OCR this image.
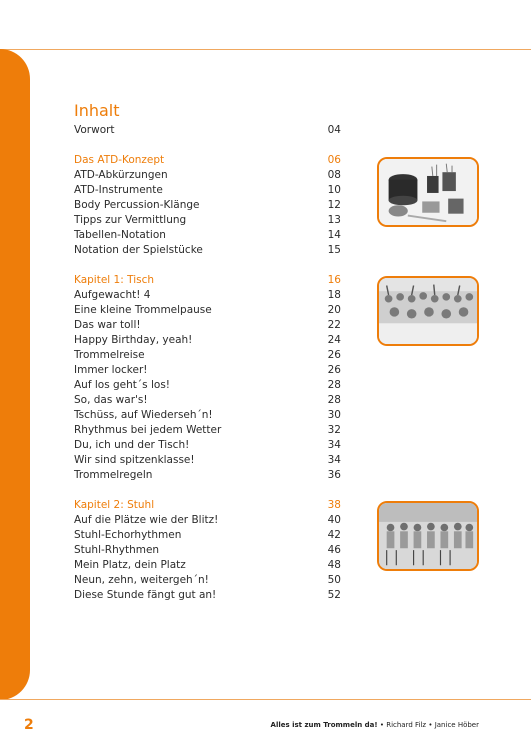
Inhalt
Vorwort	04
Das ATD-Konzept	06
ATD-Abkürzungen	08
ATD-Instrumente	10
Body Percussion-Klänge	12
Tipps zur Vermittlung	13
Tabellen-Notation	14
Notation der Spielstücke	15
Kapitel 1: Tisch	16
Aufgewacht! 4	18
Eine kleine Trommelpause	20
Das war toll!	22
Happy Birthday, yeah!	24
Trommelreise	26
Immer locker!	26
Auf los geht´s los!	28
So, das war's!	28
Tschüss, auf Wiederseh´n!	30
Rhythmus bei jedem Wetter	32
Du, ich und der Tisch!	34
Wir sind spitzenklasse!	34
Trommelregeln	36
Kapitel 2: Stuhl	38
Auf die Plätze wie der Blitz!	40
Stuhl-Echorhythmen	42
Stuhl-Rhythmen	46
Mein Platz, dein Platz	48
Neun, zehn, weitergeh´n!	50
Diese Stunde fängt gut an!	52
2	Alles ist zum Trommeln da! • Richard Filz • Janice Höber
